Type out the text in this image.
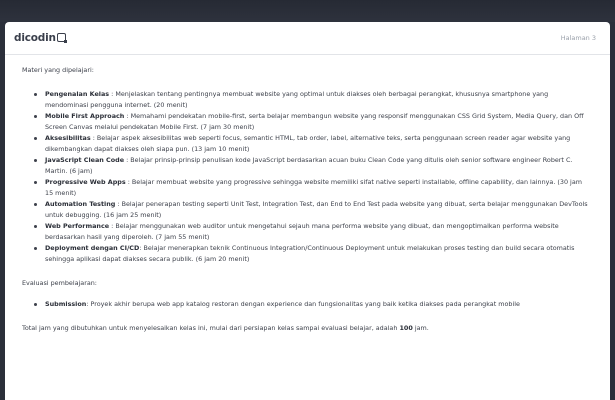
dicodin	Halaman 3

Materi yang dipelajari:

Pengenalan Kelas : Menjelaskan tentang pentingnya membuat website yang optimal untuk diakses oleh berbagai perangkat, khususnya smartphone yang mendominasi pengguna internet. (20 menit)
Mobile First Approach : Memahami pendekatan mobile-first, serta belajar membangun website yang responsif menggunakan CSS Grid System, Media Query, dan Off Screen Canvas melalui pendekatan Mobile First. (7 jam 30 menit)
Aksesibilitas : Belajar aspek aksesibilitas web seperti focus, semantic HTML, tab order, label, alternative teks, serta penggunaan screen reader agar website yang dikembangkan dapat diakses oleh siapa pun. (13 jam 10 menit)
JavaScript Clean Code : Belajar prinsip-prinsip penulisan kode JavaScript berdasarkan acuan buku Clean Code yang ditulis oleh senior software engineer Robert C. Martin. (6 jam)
Progressive Web Apps : Belajar membuat website yang progressive sehingga website memiliki sifat native seperti installable, offline capability, dan lainnya. (30 jam 15 menit)
Automation Testing : Belajar penerapan testing seperti Unit Test, Integration Test, dan End to End Test pada website yang dibuat, serta belajar menggunakan DevTools untuk debugging. (16 jam 25 menit)
Web Performance : Belajar menggunakan web auditor untuk mengetahui sejauh mana performa website yang dibuat, dan mengoptimalkan performa website berdasarkan hasil yang diperoleh. (7 jam 55 menit)
Deployment dengan CI/CD: Belajar menerapkan teknik Continuous Integration/Continuous Deployment untuk melakukan proses testing dan build secara otomatis sehingga aplikasi dapat diakses secara publik. (6 jam 20 menit)

Evaluasi pembelajaran:

Submission: Proyek akhir berupa web app katalog restoran dengan experience dan fungsionalitas yang baik ketika diakses pada perangkat mobile

Total jam yang dibutuhkan untuk menyelesaikan kelas ini, mulai dari persiapan kelas sampai evaluasi belajar, adalah 100 jam.
